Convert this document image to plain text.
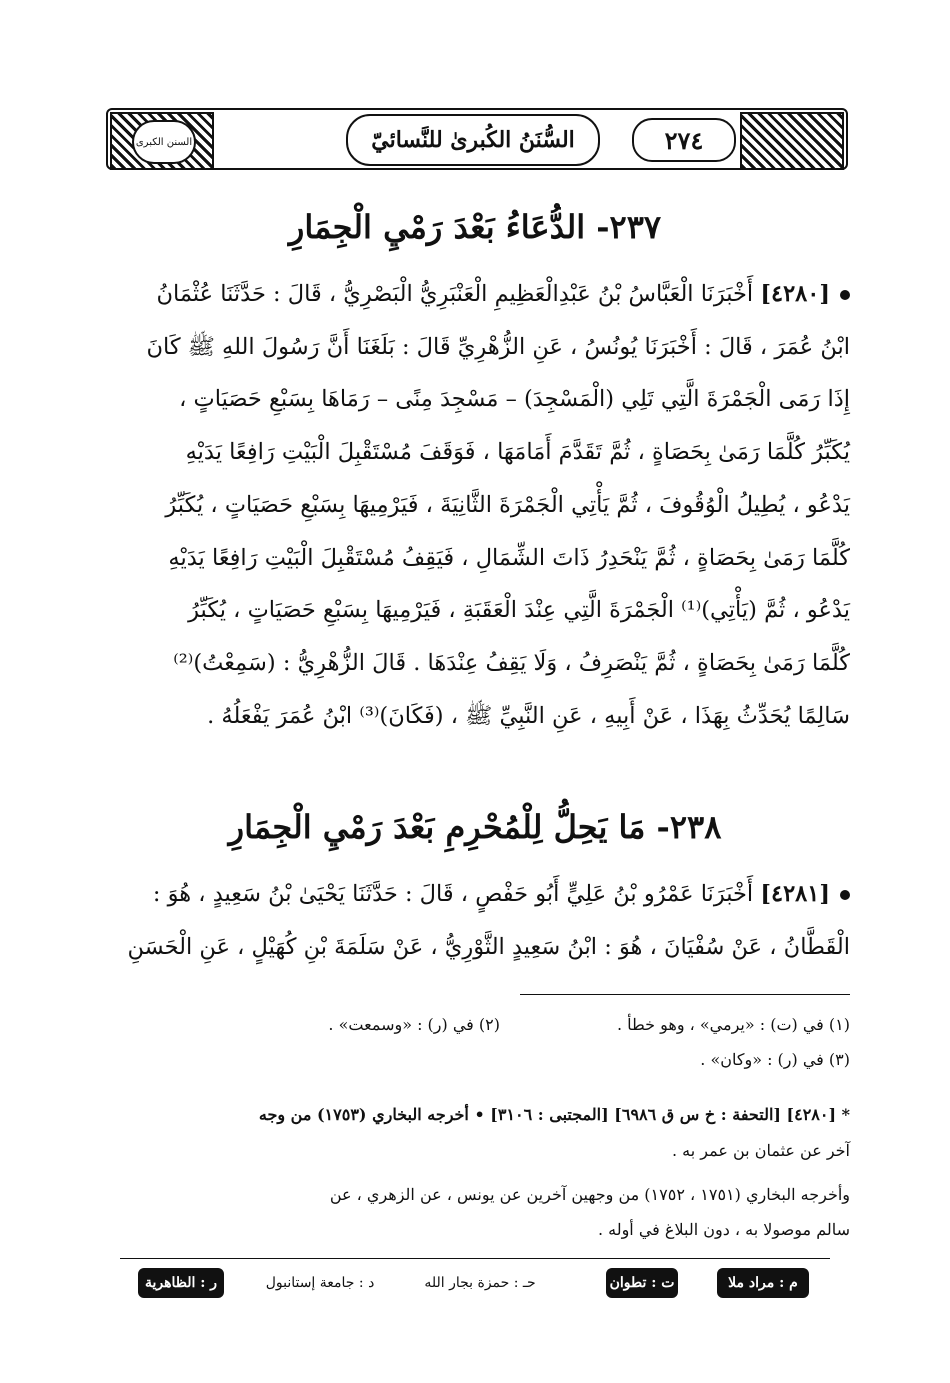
السنن الكبرى	السُّنَنُ الكُبرىٰ للنَّسائيّ	٢٧٤
٢٣٧- الدُّعَاءُ بَعْدَ رَمْيِ الْجِمَارِ
[٤٢٨٠] أَخْبَرَنَا الْعَبَّاسُ بْنُ عَبْدِالْعَظِيمِ الْعَنْبَرِيُّ الْبَصْرِيُّ ، قَالَ : حَدَّثَنَا عُثْمَانُ
ابْنُ عُمَرَ ، قَالَ : أَخْبَرَنَا يُونُسُ ، عَنِ الزُّهْرِيِّ قَالَ : بَلَغَنَا أَنَّ رَسُولَ اللهِ ﷺ كَانَ
إِذَا رَمَى الْجَمْرَةَ الَّتِي تَلِي (الْمَسْجِدَ) – مَسْجِدَ مِنًى – رَمَاهَا بِسَبْعِ حَصَيَاتٍ ،
يُكَبِّرُ كُلَّمَا رَمَىٰ بِحَصَاةٍ ، ثُمَّ تَقَدَّمَ أَمَامَهَا ، فَوَقَفَ مُسْتَقْبِلَ الْبَيْتِ رَافِعًا يَدَيْهِ
يَدْعُو ، يُطِيلُ الْوُقُوفَ ، ثُمَّ يَأْتِي الْجَمْرَةَ الثَّانِيَةَ ، فَيَرْمِيهَا بِسَبْعِ حَصَيَاتٍ ، يُكَبِّرُ
كُلَّمَا رَمَىٰ بِحَصَاةٍ ، ثُمَّ يَنْحَدِرُ ذَاتَ الشِّمَالِ ، فَيَقِفُ مُسْتَقْبِلَ الْبَيْتِ رَافِعًا يَدَيْهِ
يَدْعُو ، ثُمَّ (يَأْتِي)⁽¹⁾ الْجَمْرَةَ الَّتِي عِنْدَ الْعَقَبَةِ ، فَيَرْمِيهَا بِسَبْعِ حَصَيَاتٍ ، يُكَبِّرُ
كُلَّمَا رَمَىٰ بِحَصَاةٍ ، ثُمَّ يَنْصَرِفُ ، وَلَا يَقِفُ عِنْدَهَا . قَالَ الزُّهْرِيُّ : (سَمِعْتُ)⁽²⁾
سَالِمًا يُحَدِّثُ بِهَذَا ، عَنْ أَبِيهِ ، عَنِ النَّبِيِّ ﷺ ، (فَكَانَ)⁽³⁾ ابْنُ عُمَرَ يَفْعَلُهُ .
٢٣٨- مَا يَحِلُّ لِلْمُحْرِمِ بَعْدَ رَمْيِ الْجِمَارِ
[٤٢٨١] أَخْبَرَنَا عَمْرُو بْنُ عَلِيٍّ أَبُو حَفْصٍ ، قَالَ : حَدَّثَنَا يَحْيَىٰ بْنُ سَعِيدٍ ، هُوَ :
الْقَطَّانُ ، عَنْ سُفْيَانَ ، هُوَ : ابْنُ سَعِيدٍ الثَّوْرِيُّ ، عَنْ سَلَمَةَ بْنِ كُهَيْلٍ ، عَنِ الْحَسَنِ
(١) في (ت) : «يرمي» ، وهو خطأ .
(٢) في (ر) : «وسمعت» .
(٣) في (ر) : «وكان» .
* [٤٢٨٠] [التحفة : خ س ق ٦٩٨٦] [المجتبى : ٣١٠٦] • أخرجه البخاري (١٧٥٣) من وجه
آخر عن عثمان بن عمر به .
وأخرجه البخاري (١٧٥١ ، ١٧٥٢) من وجهين آخرين عن يونس ، عن الزهري ، عن
سالم موصولا به ، دون البلاغ في أوله .
م : مراد ملا
ت : تطوان
حـ : حمزة بجار الله
د : جامعة إستانبول
ر : الظاهرية
